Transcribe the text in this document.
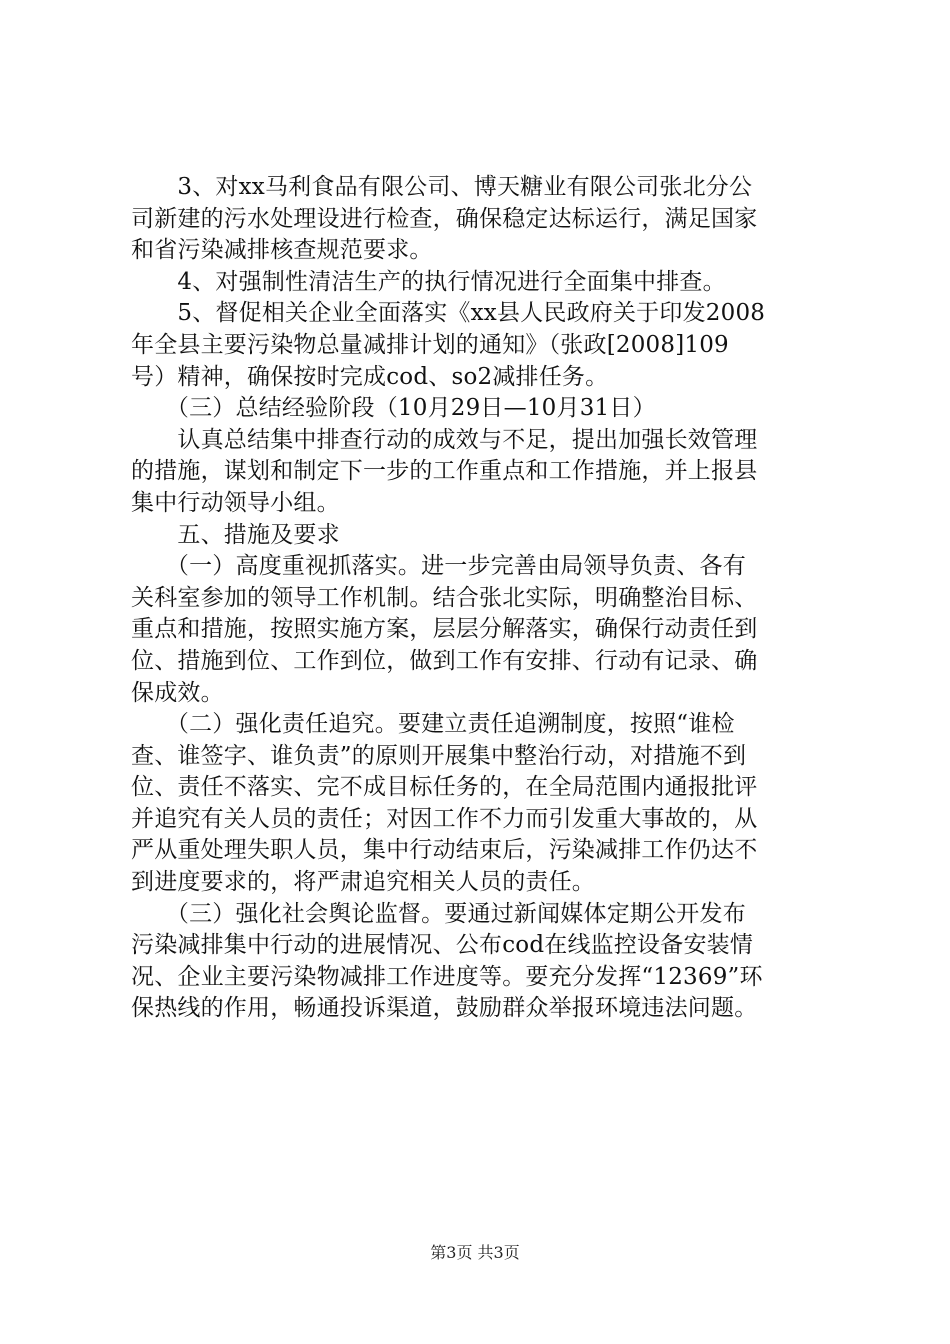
　　3、对xx马利食品有限公司、博天糖业有限公司张北分公
司新建的污水处理设进行检查，确保稳定达标运行，满足国家
和省污染减排核查规范要求。
　　4、对强制性清洁生产的执行情况进行全面集中排查。
　　5、督促相关企业全面落实《xx县人民政府关于印发2008
年全县主要污染物总量减排计划的通知》（张政[2008]109
号）精神，确保按时完成cod、so2减排任务。
　　（三）总结经验阶段（10月29日—10月31日）
　　认真总结集中排查行动的成效与不足，提出加强长效管理
的措施，谋划和制定下一步的工作重点和工作措施，并上报县
集中行动领导小组。
　　五、措施及要求
　　（一）高度重视抓落实。进一步完善由局领导负责、各有
关科室参加的领导工作机制。结合张北实际，明确整治目标、
重点和措施，按照实施方案，层层分解落实，确保行动责任到
位、措施到位、工作到位，做到工作有安排、行动有记录、确
保成效。
　　（二）强化责任追究。要建立责任追溯制度，按照“谁检
查、谁签字、谁负责”的原则开展集中整治行动，对措施不到
位、责任不落实、完不成目标任务的，在全局范围内通报批评
并追究有关人员的责任；对因工作不力而引发重大事故的，从
严从重处理失职人员，集中行动结束后，污染减排工作仍达不
到进度要求的，将严肃追究相关人员的责任。
　　（三）强化社会舆论监督。要通过新闻媒体定期公开发布
污染减排集中行动的进展情况、公布cod在线监控设备安装情
况、企业主要污染物减排工作进度等。要充分发挥“12369”环
保热线的作用，畅通投诉渠道，鼓励群众举报环境违法问题。
第3页 共3页
